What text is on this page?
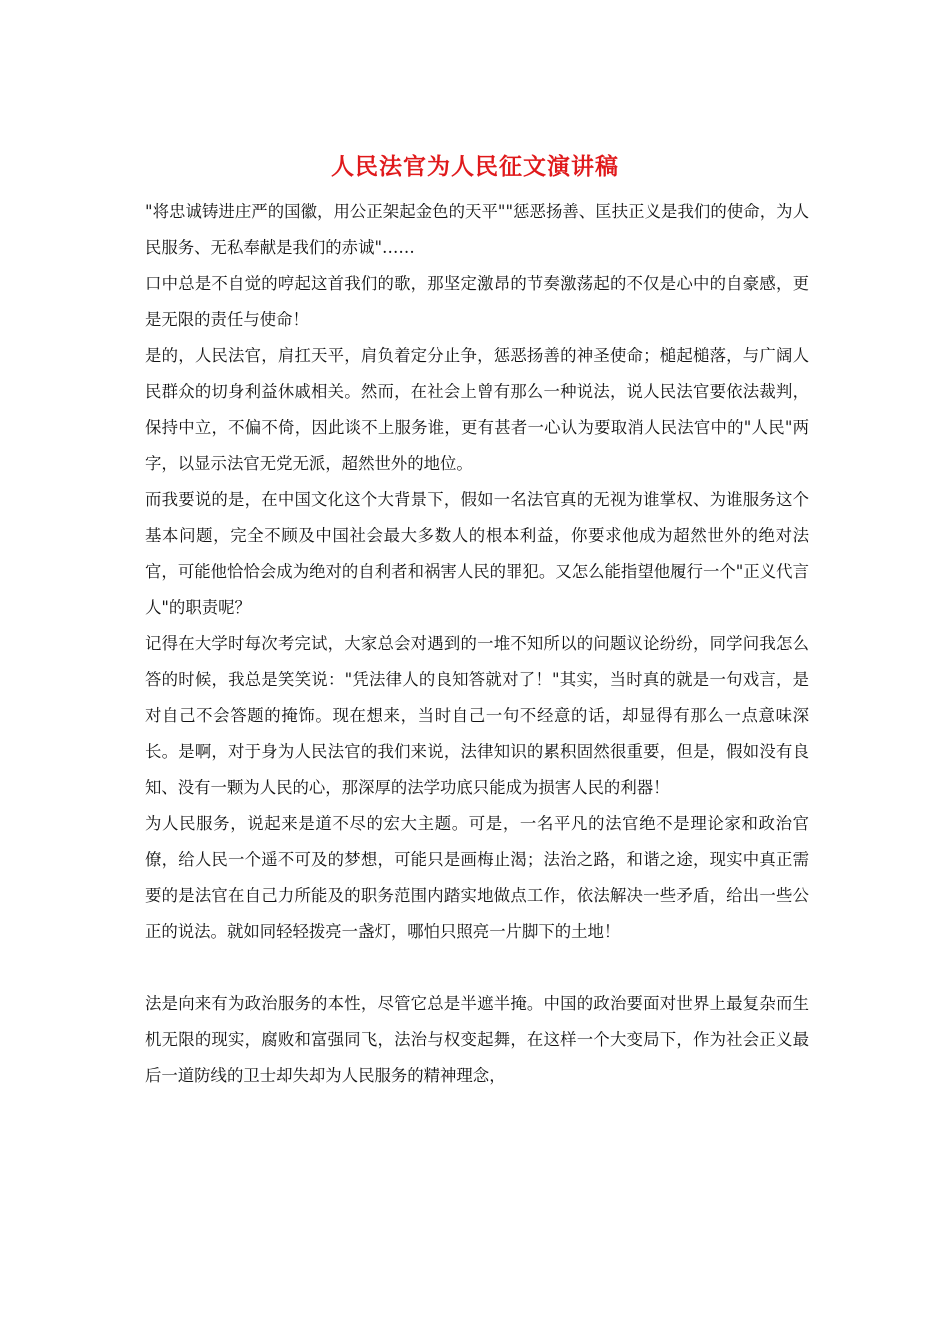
人民法官为人民征文演讲稿

"将忠诚铸进庄严的国徽，用公正架起金色的天平""惩恶扬善、匡扶正义是我们的使命，为人民服务、无私奉献是我们的赤诚"……

口中总是不自觉的哼起这首我们的歌，那坚定激昂的节奏激荡起的不仅是心中的自豪感，更是无限的责任与使命！

是的，人民法官，肩扛天平，肩负着定分止争，惩恶扬善的神圣使命；槌起槌落，与广阔人民群众的切身利益休戚相关。然而，在社会上曾有那么一种说法，说人民法官要依法裁判，保持中立，不偏不倚，因此谈不上服务谁，更有甚者一心认为要取消人民法官中的"人民"两字，以显示法官无党无派，超然世外的地位。

而我要说的是，在中国文化这个大背景下，假如一名法官真的无视为谁掌权、为谁服务这个基本问题，完全不顾及中国社会最大多数人的根本利益，你要求他成为超然世外的绝对法官，可能他恰恰会成为绝对的自利者和祸害人民的罪犯。又怎么能指望他履行一个"正义代言人"的职责呢？

记得在大学时每次考完试，大家总会对遇到的一堆不知所以的问题议论纷纷，同学问我怎么答的时候，我总是笑笑说："凭法律人的良知答就对了！"其实，当时真的就是一句戏言，是对自己不会答题的掩饰。现在想来，当时自己一句不经意的话，却显得有那么一点意味深长。是啊，对于身为人民法官的我们来说，法律知识的累积固然很重要，但是，假如没有良知、没有一颗为人民的心，那深厚的法学功底只能成为损害人民的利器！

为人民服务，说起来是道不尽的宏大主题。可是，一名平凡的法官绝不是理论家和政治官僚，给人民一个遥不可及的梦想，可能只是画梅止渴；法治之路，和谐之途，现实中真正需要的是法官在自己力所能及的职务范围内踏实地做点工作，依法解决一些矛盾，给出一些公正的说法。就如同轻轻拨亮一盏灯，哪怕只照亮一片脚下的土地！

法是向来有为政治服务的本性，尽管它总是半遮半掩。中国的政治要面对世界上最复杂而生机无限的现实，腐败和富强同飞，法治与权变起舞，在这样一个大变局下，作为社会正义最后一道防线的卫士却失却为人民服务的精神理念，
